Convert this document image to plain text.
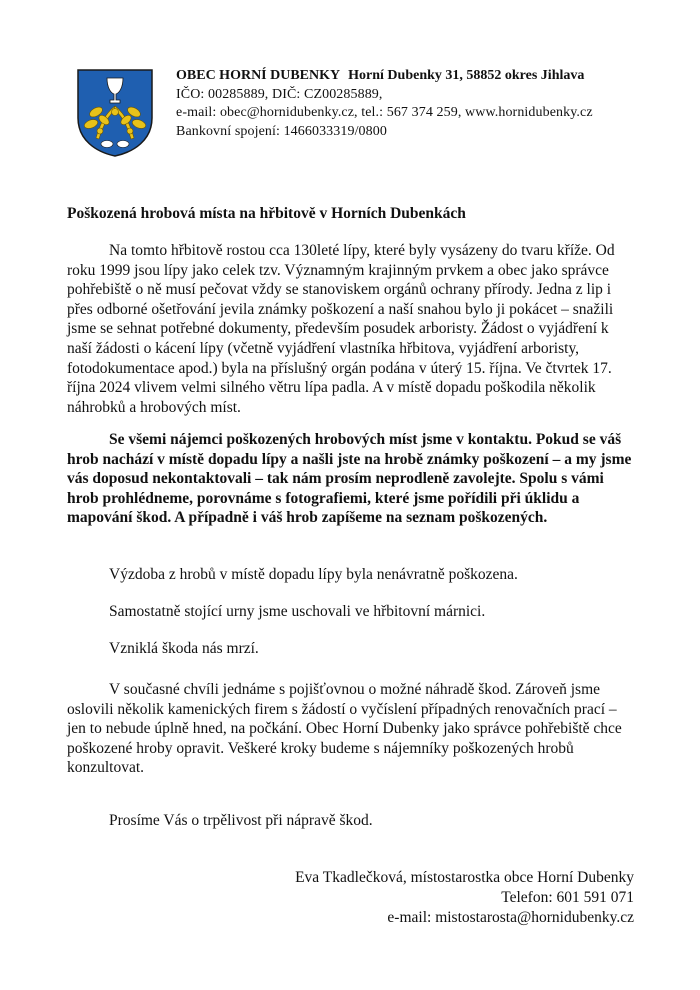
OBEC HORNÍ DUBENKY Horní Dubenky 31, 58852 okres Jihlava
IČO: 00285889, DIČ: CZ00285889,
e-mail: obec@hornidubenky.cz, tel.: 567 374 259, www.hornidubenky.cz
Bankovní spojení: 1466033319/0800
Poškozená hrobová místa na hřbitově v Horních Dubenkách
Na tomto hřbitově rostou cca 130leté lípy, které byly vysázeny do tvaru kříže. Od roku 1999 jsou lípy jako celek tzv. Významným krajinným prvkem a obec jako správce pohřebiště o ně musí pečovat vždy se stanoviskem orgánů ochrany přírody. Jedna z lip i přes odborné ošetřování jevila známky poškození a naší snahou bylo ji pokácet – snažili jsme se sehnat potřebné dokumenty, především posudek arboristy. Žádost o vyjádření k naší žádosti o kácení lípy (včetně vyjádření vlastníka hřbitova, vyjádření arboristy, fotodokumentace apod.) byla na příslušný orgán podána v úterý 15. října. Ve čtvrtek 17. října 2024 vlivem velmi silného větru lípa padla. A v místě dopadu poškodila několik náhrobků a hrobových míst.
Se všemi nájemci poškozených hrobových míst jsme v kontaktu. Pokud se váš hrob nachází v místě dopadu lípy a našli jste na hrobě známky poškození – a my jsme vás doposud nekontaktovali – tak nám prosím neprodleně zavolejte. Spolu s vámi hrob prohlédneme, porovnáme s fotografiemi, které jsme pořídili při úklidu a mapování škod. A případně i váš hrob zapíšeme na seznam poškozených.
Výzdoba z hrobů v místě dopadu lípy byla nenávratně poškozena.
Samostatně stojící urny jsme uschovali ve hřbitovní márnici.
Vzniklá škoda nás mrzí.
V současné chvíli jednáme s pojišťovnou o možné náhradě škod. Zároveň jsme oslovili několik kamenických firem s žádostí o vyčíslení případných renovačních prací – jen to nebude úplně hned, na počkání. Obec Horní Dubenky jako správce pohřebiště chce poškozené hroby opravit. Veškeré kroky budeme s nájemníky poškozených hrobů konzultovat.
Prosíme Vás o trpělivost při nápravě škod.
Eva Tkadlečková, místostarostka obce Horní Dubenky
Telefon: 601 591 071
e-mail: mistostarosta@hornidubenky.cz
